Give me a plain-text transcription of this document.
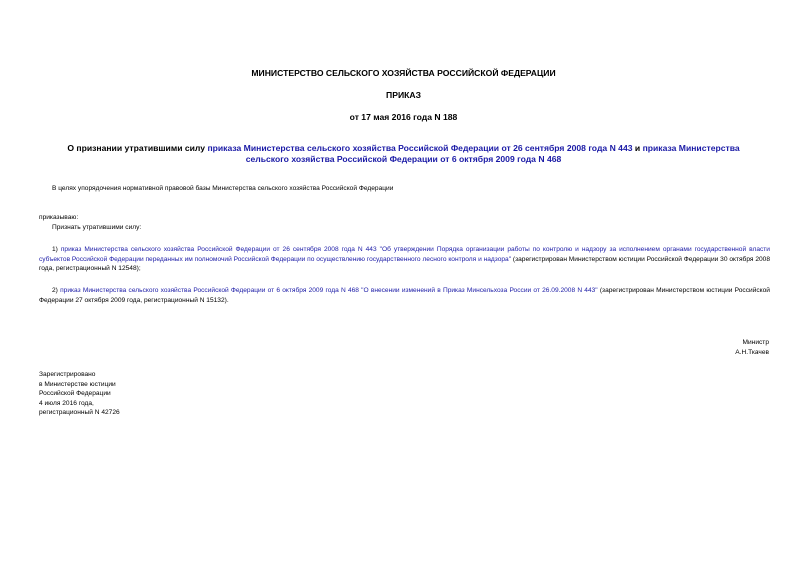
МИНИСТЕРСТВО СЕЛЬСКОГО ХОЗЯЙСТВА РОССИЙСКОЙ ФЕДЕРАЦИИ
ПРИКАЗ
от 17 мая 2016 года N 188
О признании утратившими силу приказа Министерства сельского хозяйства Российской Федерации от 26 сентября 2008 года N 443 и приказа Министерства сельского хозяйства Российской Федерации от 6 октября 2009 года N 468
В целях упорядочения нормативной правовой базы Министерства сельского хозяйства Российской Федерации
приказываю:
Признать утратившими силу:
1) приказ Министерства сельского хозяйства Российской Федерации от 26 сентября 2008 года N 443 "Об утверждении Порядка организации работы по контролю и надзору за исполнением органами государственной власти субъектов Российской Федерации переданных им полномочий Российской Федерации по осуществлению государственного лесного контроля и надзора" (зарегистрирован Министерством юстиции Российской Федерации 30 октября 2008 года, регистрационный N 12548);
2) приказ Министерства сельского хозяйства Российской Федерации от 6 октября 2009 года N 468 "О внесении изменений в Приказ Минсельхоза России от 26.09.2008 N 443" (зарегистрирован Министерством юстиции Российской Федерации 27 октября 2009 года, регистрационный N 15132).
Министр
А.Н.Ткачев
Зарегистрировано
в Министерстве юстиции
Российской Федерации
4 июля 2016 года,
регистрационный N 42726
